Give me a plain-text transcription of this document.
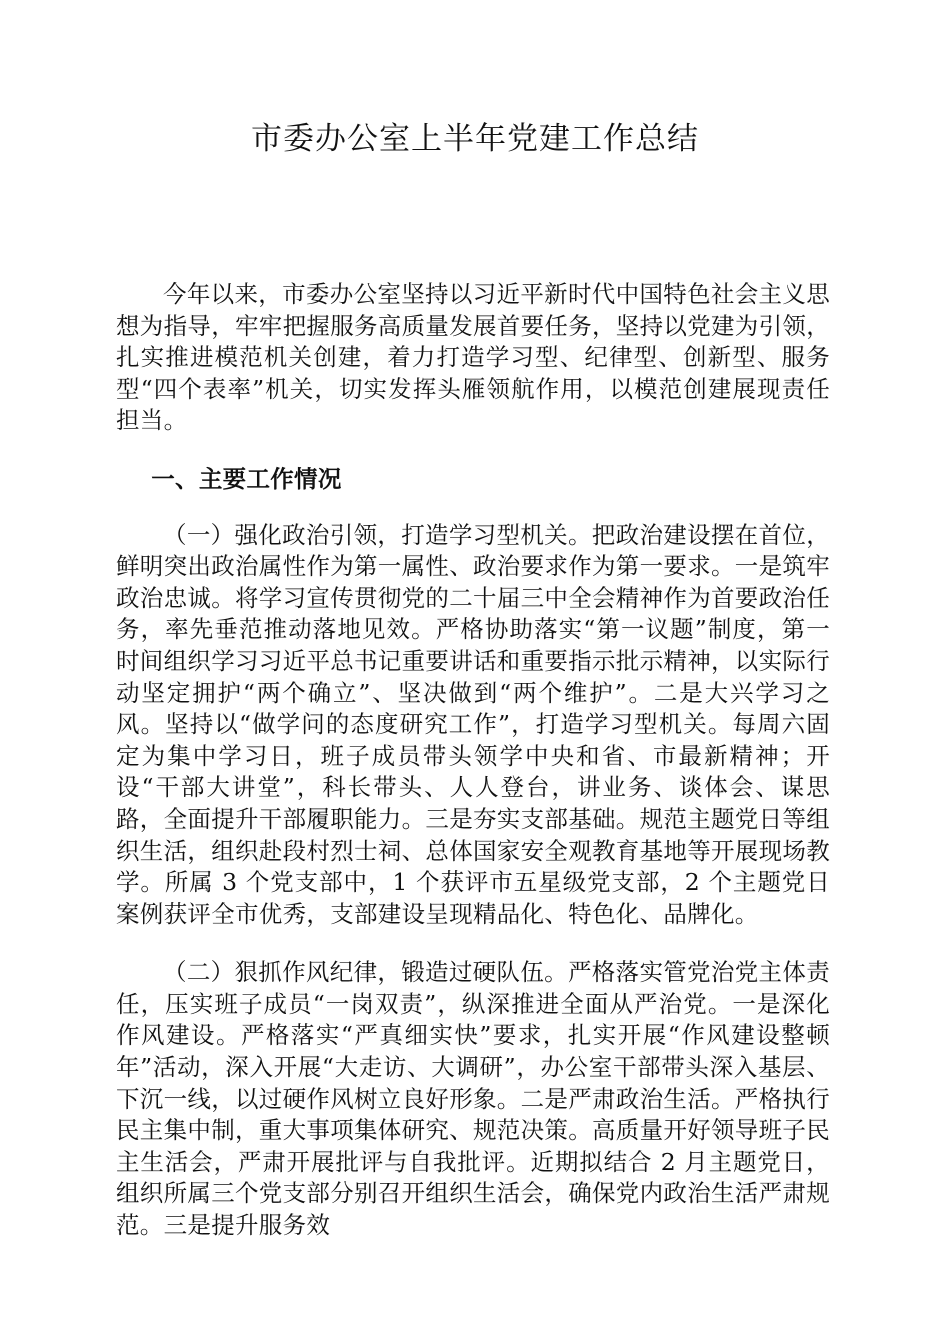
市委办公室上半年党建工作总结

今年以来，市委办公室坚持以习近平新时代中国特色社会主义思想为指导，牢牢把握服务高质量发展首要任务，坚持以党建为引领，扎实推进模范机关创建，着力打造学习型、纪律型、创新型、服务型“四个表率”机关，切实发挥头雁领航作用，以模范创建展现责任担当。

一、主要工作情况

（一）强化政治引领，打造学习型机关。把政治建设摆在首位，鲜明突出政治属性作为第一属性、政治要求作为第一要求。一是筑牢政治忠诚。将学习宣传贯彻党的二十届三中全会精神作为首要政治任务，率先垂范推动落地见效。严格协助落实“第一议题”制度，第一时间组织学习习近平总书记重要讲话和重要指示批示精神，以实际行动坚定拥护“两个确立”、坚决做到“两个维护”。二是大兴学习之风。坚持以“做学问的态度研究工作”，打造学习型机关。每周六固定为集中学习日，班子成员带头领学中央和省、市最新精神；开设“干部大讲堂”，科长带头、人人登台，讲业务、谈体会、谋思路，全面提升干部履职能力。三是夯实支部基础。规范主题党日等组织生活，组织赴段村烈士祠、总体国家安全观教育基地等开展现场教学。所属 3 个党支部中，1 个获评市五星级党支部，2 个主题党日案例获评全市优秀，支部建设呈现精品化、特色化、品牌化。

（二）狠抓作风纪律，锻造过硬队伍。严格落实管党治党主体责任，压实班子成员“一岗双责”，纵深推进全面从严治党。一是深化作风建设。严格落实“严真细实快”要求，扎实开展“作风建设整顿年”活动，深入开展“大走访、大调研”，办公室干部带头深入基层、下沉一线，以过硬作风树立良好形象。二是严肃政治生活。严格执行民主集中制，重大事项集体研究、规范决策。高质量开好领导班子民主生活会，严肃开展批评与自我批评。近期拟结合 2 月主题党日，组织所属三个党支部分别召开组织生活会，确保党内政治生活严肃规范。三是提升服务效
